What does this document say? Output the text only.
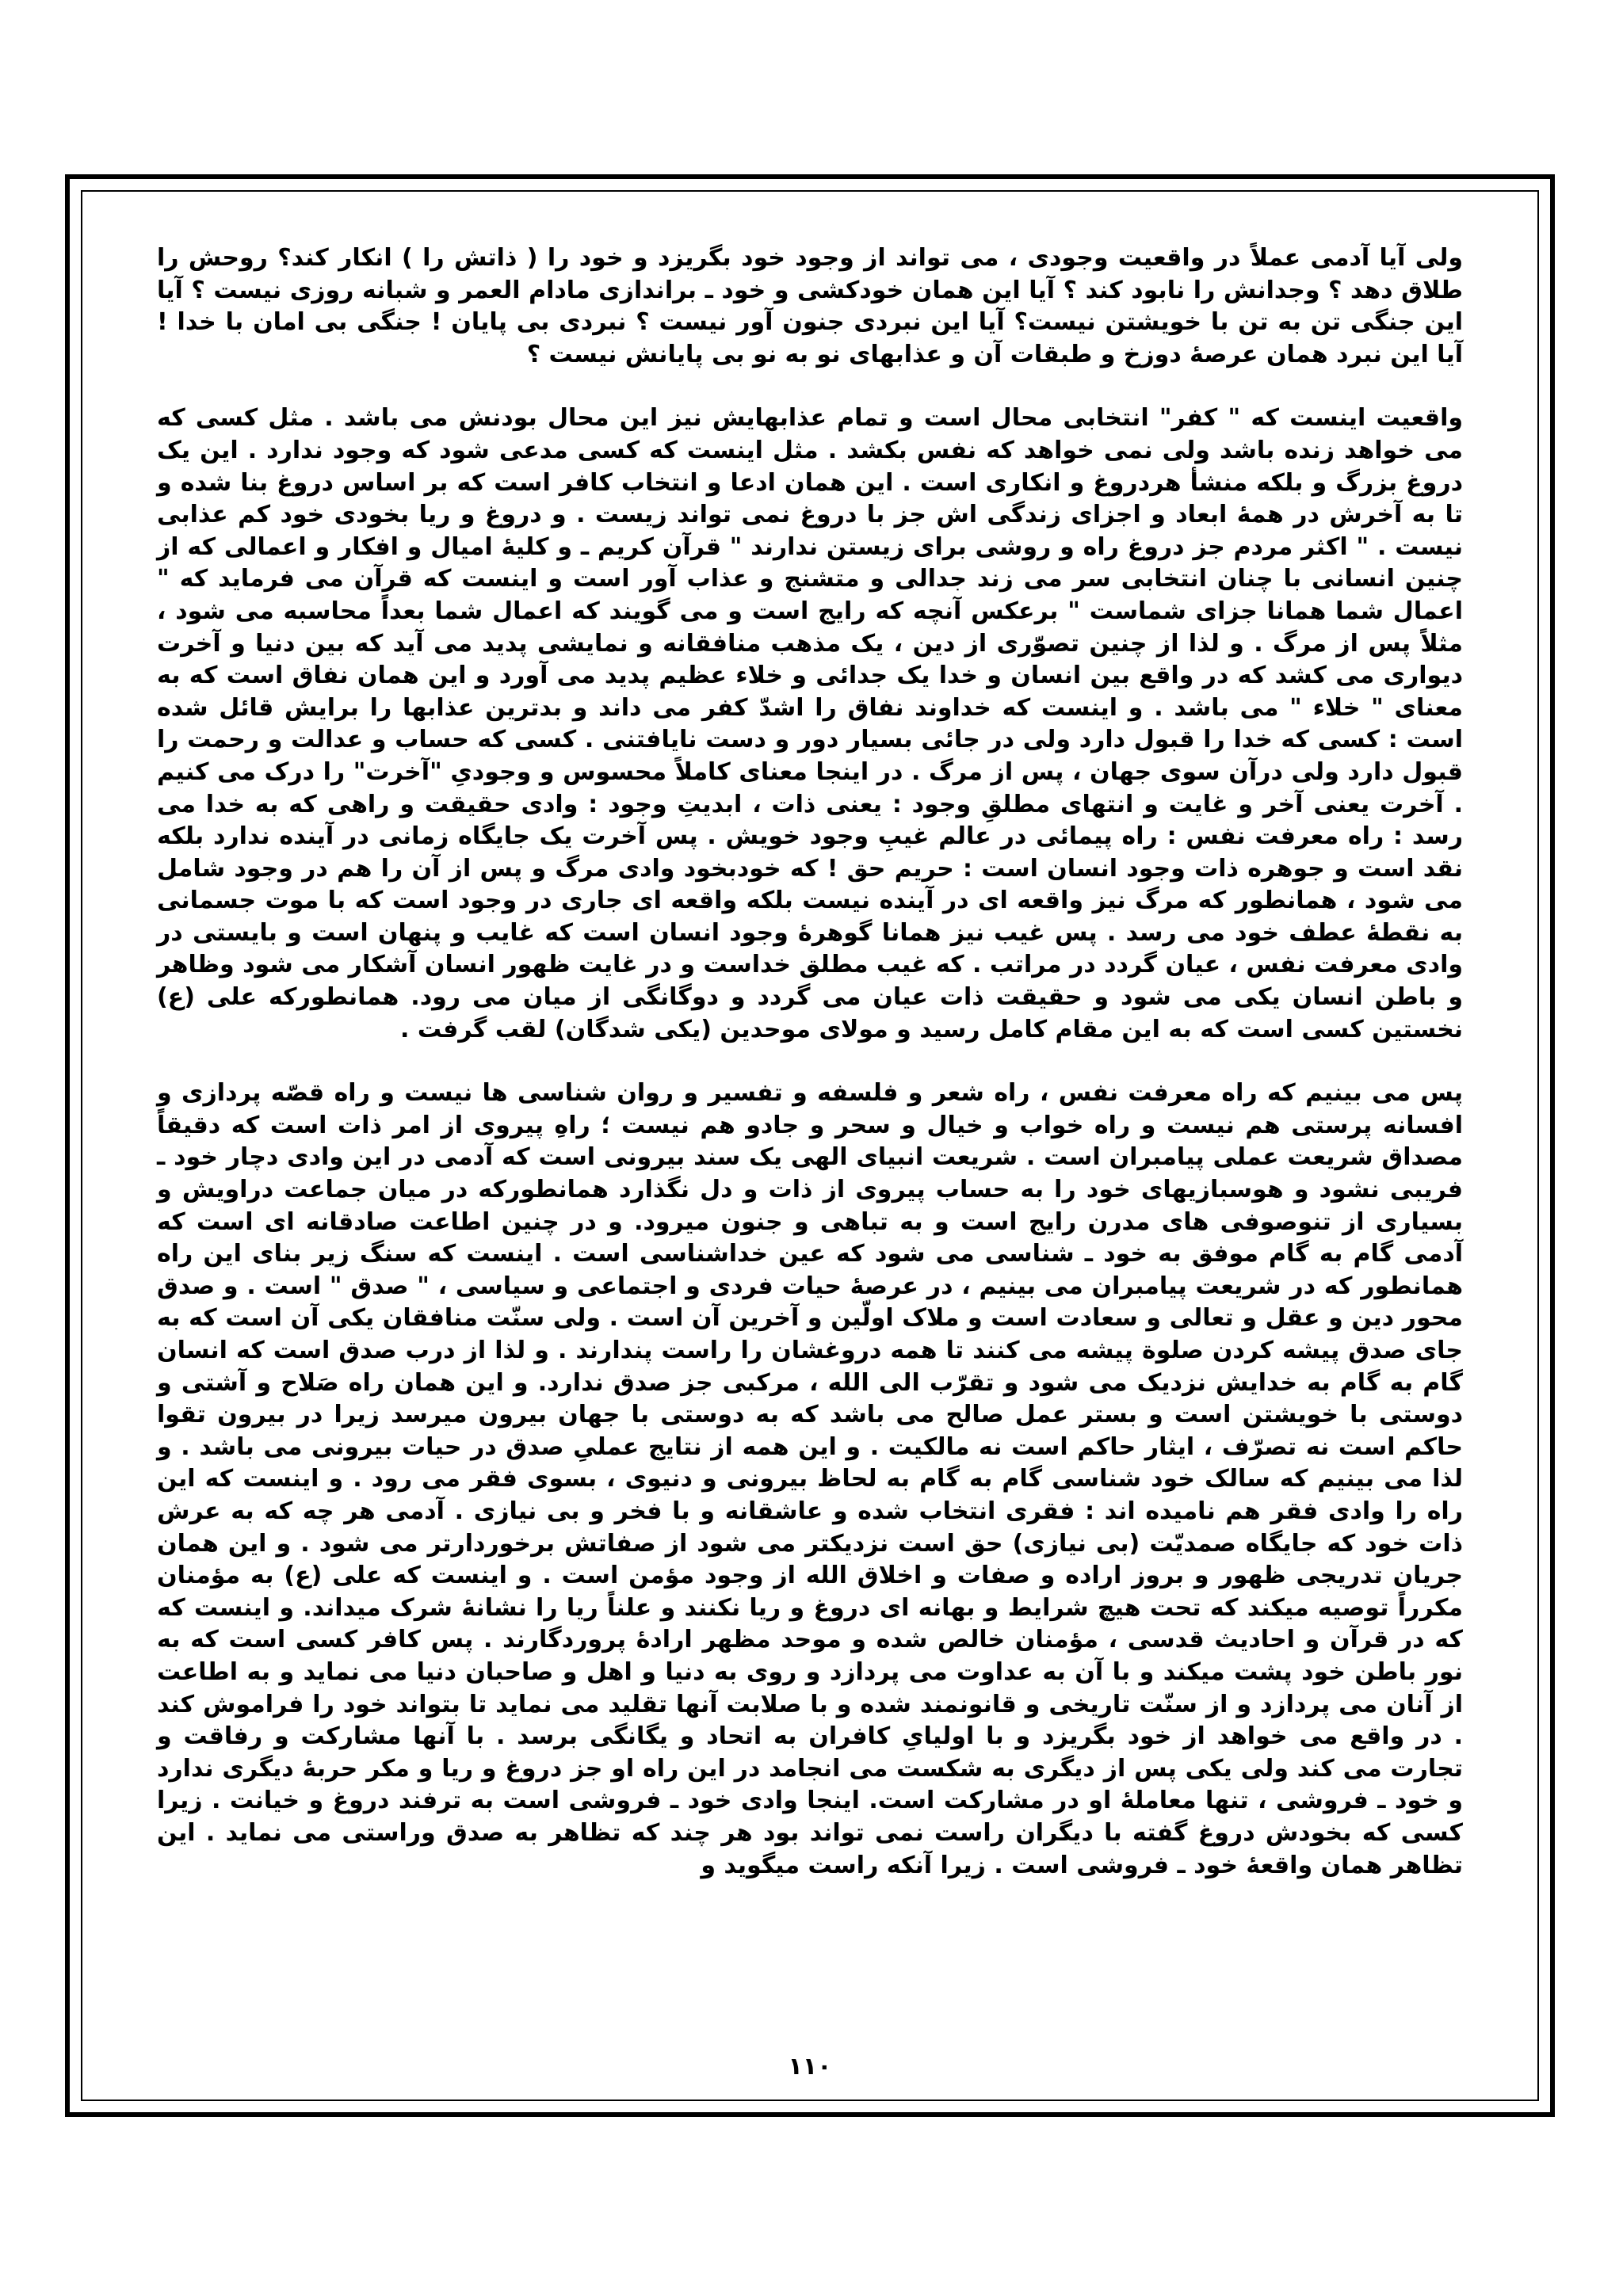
ولی آیا آدمی عملاً در واقعیت وجودی ، می تواند از وجود خود بگریزد و خود را ( ذاتش را ) انکار کند؟ روحش را طلاق دهد ؟ وجدانش را نابود کند ؟ آیا این همان خودکشی و خود ـ براندازی مادام العمر و شبانه روزی نیست ؟ آیا این جنگی تن به تن با خویشتن نیست؟ آیا این نبردی جنون آور نیست ؟ نبردی بی پایان ! جنگی بی امان با خدا ! آیا این نبرد همان عرصهٔ دوزخ و طبقات آن و عذابهای نو به نو بی پایانش نیست ؟

واقعیت اینست که " کفر" انتخابی محال است و تمام عذابهایش نیز این محال بودنش می باشد . مثل کسی که می خواهد زنده باشد ولی نمی خواهد که نفس بکشد . مثل اینست که کسی مدعی شود که وجود ندارد . این یک دروغ بزرگ و بلکه منشأ هردروغ و انکاری است . این همان ادعا و انتخاب کافر است که بر اساس دروغ بنا شده و تا به آخرش در همهٔ ابعاد و اجزای زندگی اش جز با دروغ نمی تواند زیست . و دروغ و ریا بخودی خود کم عذابی نیست . " اکثر مردم جز دروغ راه و روشی برای زیستن ندارند " قرآن کریم ـ و کلیهٔ امیال و افکار و اعمالی که از چنین انسانی با چنان انتخابی سر می زند جدالی و متشنج و عذاب آور است و اینست که قرآن می فرماید که " اعمال شما همانا جزای شماست " برعکس آنچه که رایج است و می گویند که اعمال شما بعداً محاسبه می شود ، مثلاً پس از مرگ . و لذا از چنین تصوّری از دین ، یک مذهب منافقانه و نمایشی پدید می آید که بین دنیا و آخرت دیواری می کشد که در واقع بین انسان و خدا یک جدائی و خلاء عظیم پدید می آورد و این همان نفاق است که به معنای " خلاء " می باشد . و اینست که خداوند نفاق را اشدّ کفر می داند و بدترین عذابها را برایش قائل شده است : کسی که خدا را قبول دارد ولی در جائی بسیار دور و دست نایافتنی . کسی که حساب و عدالت و رحمت را قبول دارد ولی درآن سوی جهان ، پس از مرگ . در اینجا معنای کاملاً محسوس و وجودیِ "آخرت" را درک می کنیم . آخرت یعنی آخر و غایت و انتهای مطلقِ وجود : یعنی ذات ، ابدیتِ وجود : وادی حقیقت و راهی که به خدا می رسد : راه معرفت نفس : راه پیمائی در عالم غیبِ وجود خویش . پس آخرت یک جایگاه زمانی در آینده ندارد بلکه نقد است و جوهره ذات وجود انسان است : حریم حق ! که خودبخود وادی مرگ و پس از آن را هم در وجود شامل می شود ، همانطور که مرگ نیز واقعه ای در آینده نیست بلکه واقعه ای جاری در وجود است که با موت جسمانی به نقطهٔ عطف خود می رسد . پس غیب نیز همانا گوهرهٔ وجود انسان است که غایب و پنهان است و بایستی در وادی معرفت نفس ، عیان گردد در مراتب . که غیب مطلق خداست و در غایت ظهور انسان آشکار می شود وظاهر و باطن انسان یکی می شود و حقیقت ذات عیان می گردد و دوگانگی از میان می رود. همانطورکه علی (ع) نخستین کسی است که به این مقام کامل رسید و مولای موحدین (یکی شدگان) لقب گرفت .

پس می بینیم که راه معرفت نفس ، راه شعر و فلسفه و تفسیر و روان شناسی ها نیست و راه قصّه پردازی و افسانه پرستی هم نیست و راه خواب و خیال و سحر و جادو هم نیست ؛ راهِ پیروی از امر ذات است که دقیقاً مصداق شریعت عملی پیامبران است . شریعت انبیای الهی یک سند بیرونی است که آدمی در این وادی دچار خود ـ فریبی نشود و هوسبازیهای خود را به حساب پیروی از ذات و دل نگذارد همانطورکه در میان جماعت دراویش و بسیاری از تنوصوفی های مدرن رایج است و به تباهی و جنون میرود. و در چنین اطاعت صادقانه ای است که آدمی گام به گام موفق به خود ـ شناسی می شود که عین خداشناسی است . اینست که سنگ زیر بنای این راه همانطور که در شریعت پیامبران می بینیم ، در عرصهٔ حیات فردی و اجتماعی و سیاسی ، " صدق " است . و صدق محور دین و عقل و تعالی و سعادت است و ملاک اولّین و آخرین آن است . ولی سنّت منافقان یکی آن است که به جای صدق پیشه کردن صلوة پیشه می کنند تا همه دروغشان را راست پندارند . و لذا از درب صدق است که انسان گام به گام به خدایش نزدیک می شود و تقرّب الی الله ، مرکبی جز صدق ندارد. و این همان راه صَلاح و آشتی و دوستی با خویشتن است و بستر عمل صالح می باشد که به دوستی با جهان بیرون میرسد زیرا در بیرون تقوا حاکم است نه تصرّف ، ایثار حاکم است نه مالکیت . و این همه از نتایج عملیِ صدق در حیات بیرونی می باشد . و لذا می بینیم که سالک خود شناسی گام به گام به لحاظ بیرونی و دنیوی ، بسوی فقر می رود . و اینست که این راه را وادی فقر هم نامیده اند : فقری انتخاب شده و عاشقانه و با فخر و بی نیازی . آدمی هر چه که به عرش ذات خود که جایگاه صمدیّت (بی نیازی) حق است نزدیکتر می شود از صفاتش برخوردارتر می شود . و این همان جریان تدریجی ظهور و بروز اراده و صفات و اخلاق الله از وجود مؤمن است . و اینست که علی (ع) به مؤمنان مکرراً توصیه میکند که تحت هیچ شرایط و بهانه ای دروغ و ریا نکنند و علناً ریا را نشانهٔ شرک میداند. و اینست که که در قرآن و احادیث قدسی ، مؤمنان خالص شده و موحد مظهر ارادهٔ پروردگارند . پس کافر کسی است که به نور باطن خود پشت میکند و با آن به عداوت می پردازد و روی به دنیا و اهل و صاحبان دنیا می نماید و به اطاعت از آنان می پردازد و از سنّت تاریخی و قانونمند شده و با صلابت آنها تقلید می نماید تا بتواند خود را فراموش کند . در واقع می خواهد از خود بگریزد و با اولیایِ کافران به اتحاد و یگانگی برسد . با آنها مشارکت و رفاقت و تجارت می کند ولی یکی پس از دیگری به شکست می انجامد در این راه او جز دروغ و ریا و مکر حربهٔ دیگری ندارد و خود ـ فروشی ، تنها معاملهٔ او در مشارکت است. اینجا وادی خود ـ فروشی است به ترفند دروغ و خیانت . زیرا کسی که بخودش دروغ گفته با دیگران راست نمی تواند بود هر چند که تظاهر به صدق وراستی می نماید . این تظاهر همان واقعهٔ خود ـ فروشی است . زیرا آنکه راست میگوید و

۱۱۰
